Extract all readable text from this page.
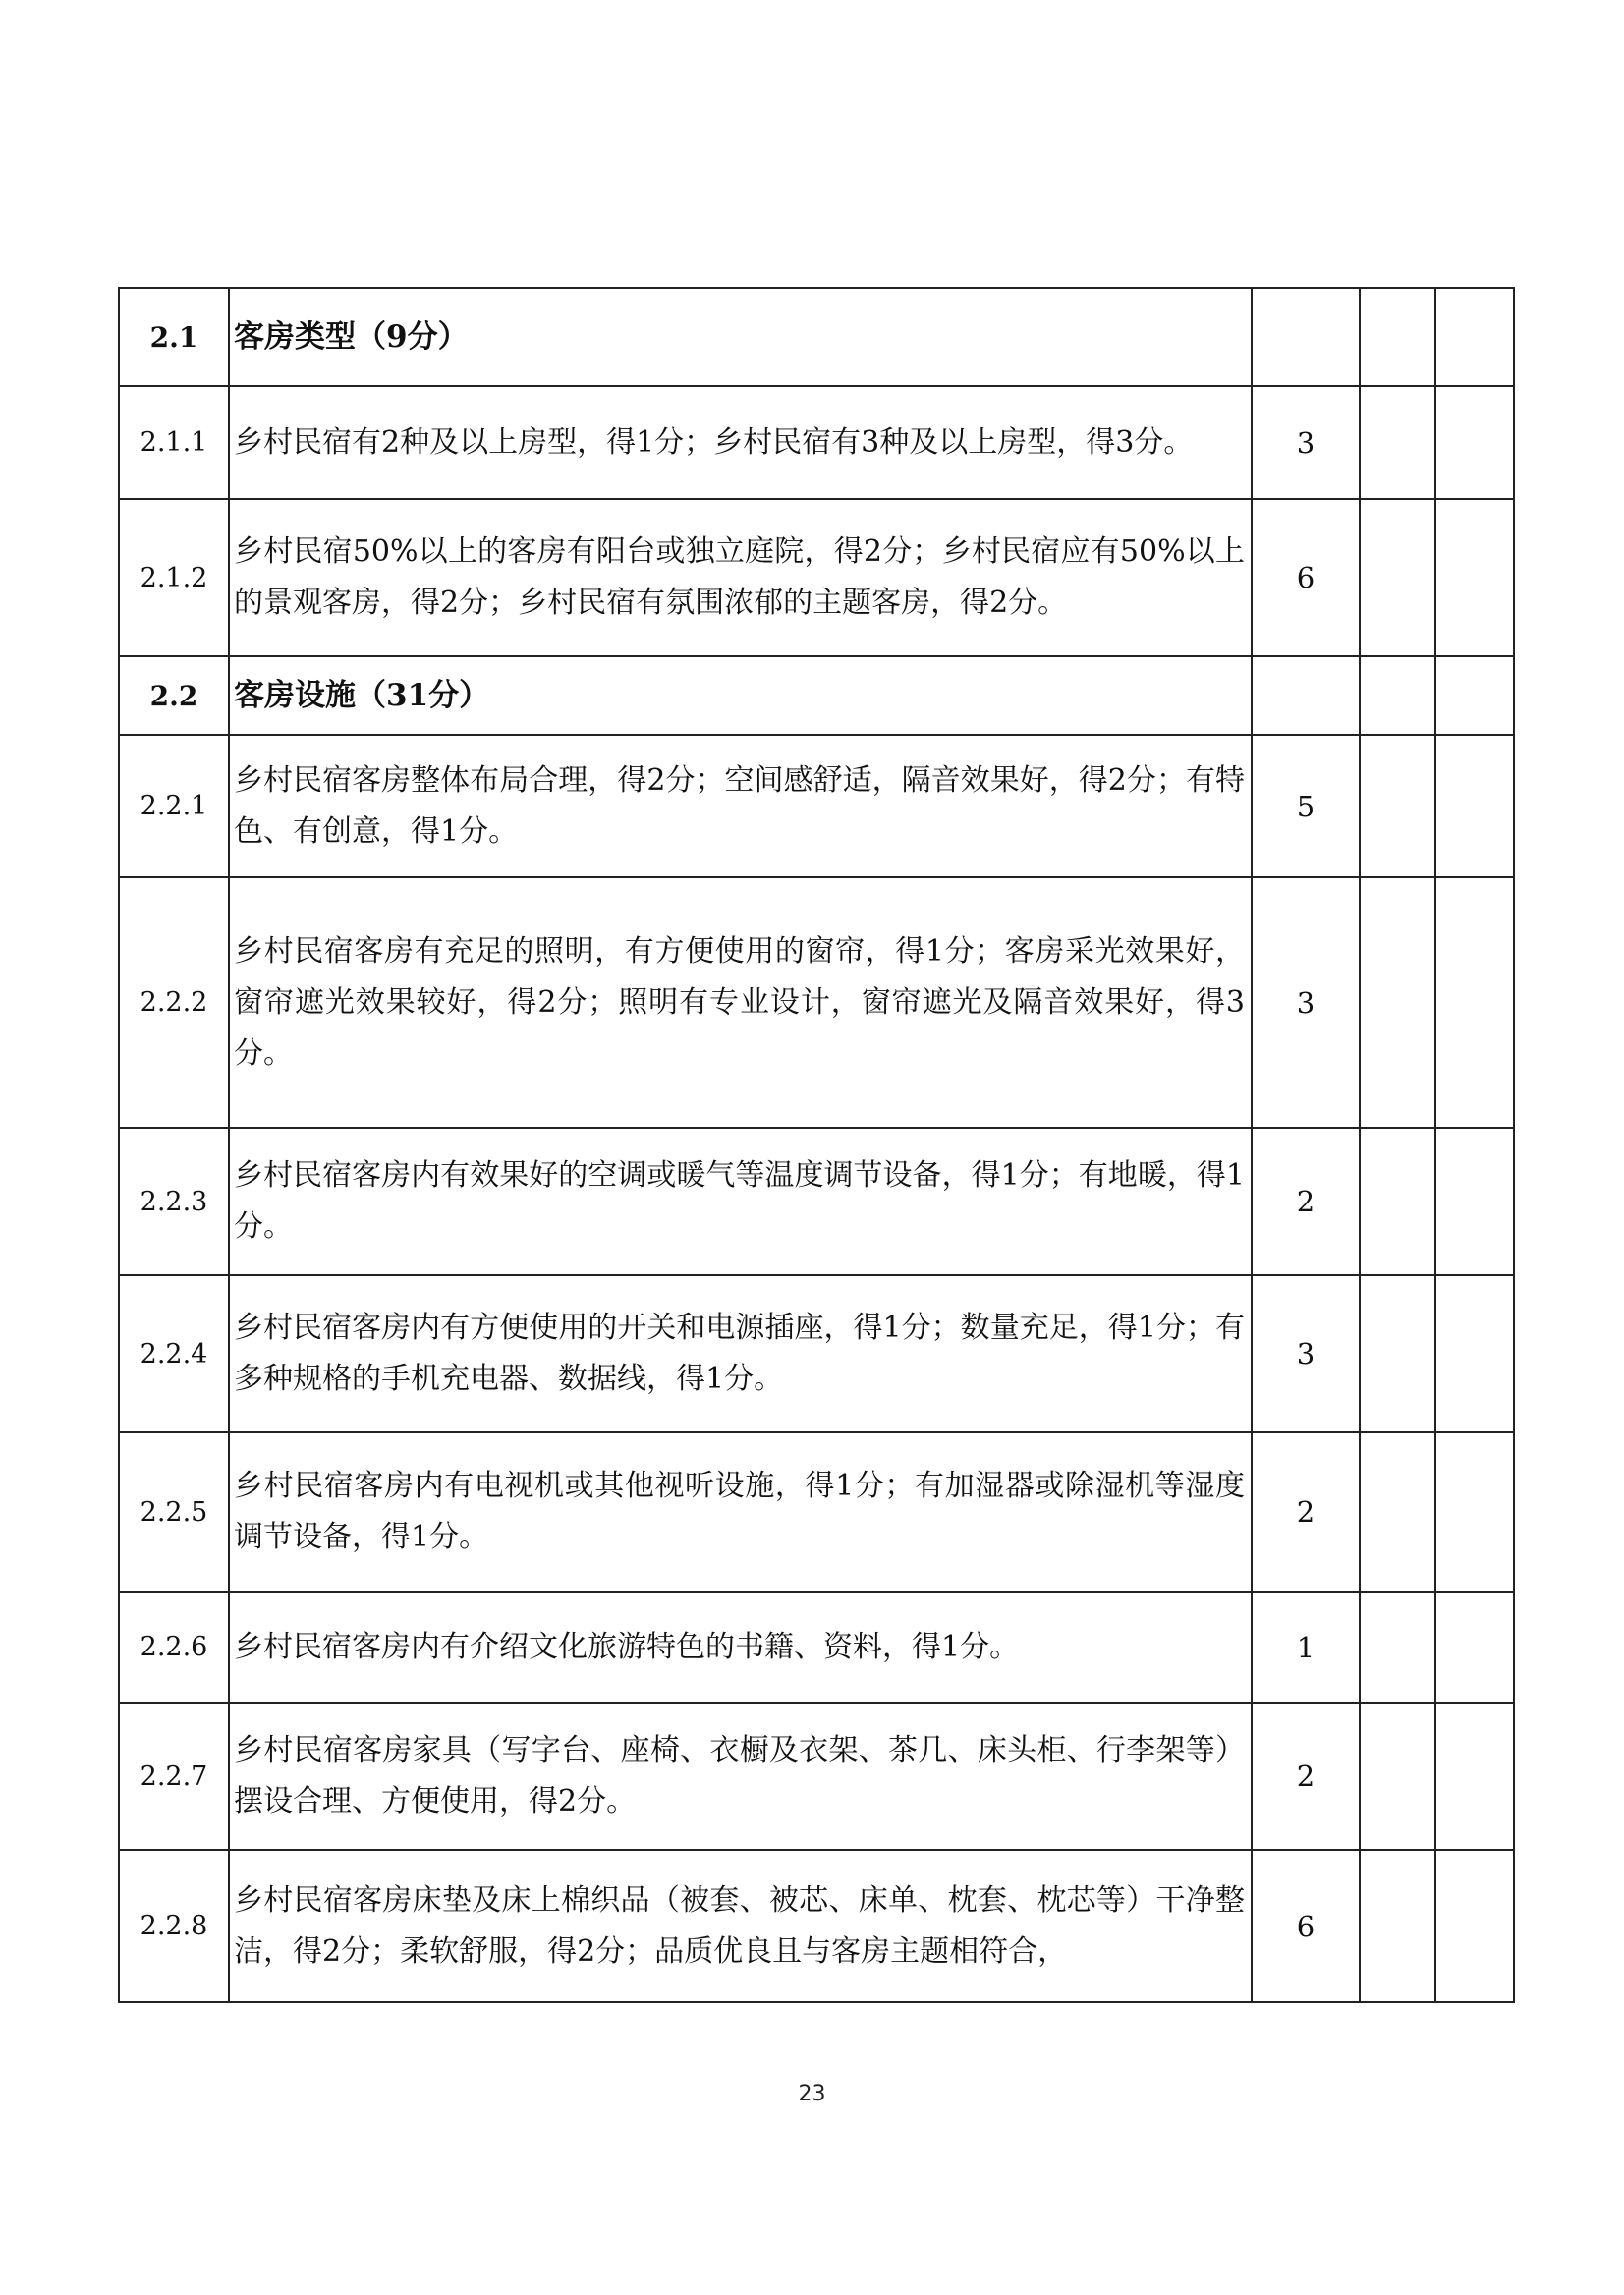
2.1	客房类型（9分）			
2.1.1	乡村民宿有2种及以上房型，得1分；乡村民宿有3种及以上房型，得3分。	3		
2.1.2	乡村民宿50%以上的客房有阳台或独立庭院，得2分；乡村民宿应有50%以上的景观客房，得2分；乡村民宿有氛围浓郁的主题客房，得2分。	6		
2.2	客房设施（31分）			
2.2.1	乡村民宿客房整体布局合理，得2分；空间感舒适，隔音效果好，得2分；有特色、有创意，得1分。	5		
2.2.2	乡村民宿客房有充足的照明，有方便使用的窗帘，得1分；客房采光效果好，窗帘遮光效果较好，得2分；照明有专业设计，窗帘遮光及隔音效果好，得3分。	3		
2.2.3	乡村民宿客房内有效果好的空调或暖气等温度调节设备，得1分；有地暖，得1分。	2		
2.2.4	乡村民宿客房内有方便使用的开关和电源插座，得1分；数量充足，得1分；有多种规格的手机充电器、数据线，得1分。	3		
2.2.5	乡村民宿客房内有电视机或其他视听设施，得1分；有加湿器或除湿机等湿度调节设备，得1分。	2		
2.2.6	乡村民宿客房内有介绍文化旅游特色的书籍、资料，得1分。	1		
2.2.7	乡村民宿客房家具（写字台、座椅、衣橱及衣架、茶几、床头柜、行李架等）摆设合理、方便使用，得2分。	2		
2.2.8	乡村民宿客房床垫及床上棉织品（被套、被芯、床单、枕套、枕芯等）干净整洁，得2分；柔软舒服，得2分；品质优良且与客房主题相符合，	6		
23
